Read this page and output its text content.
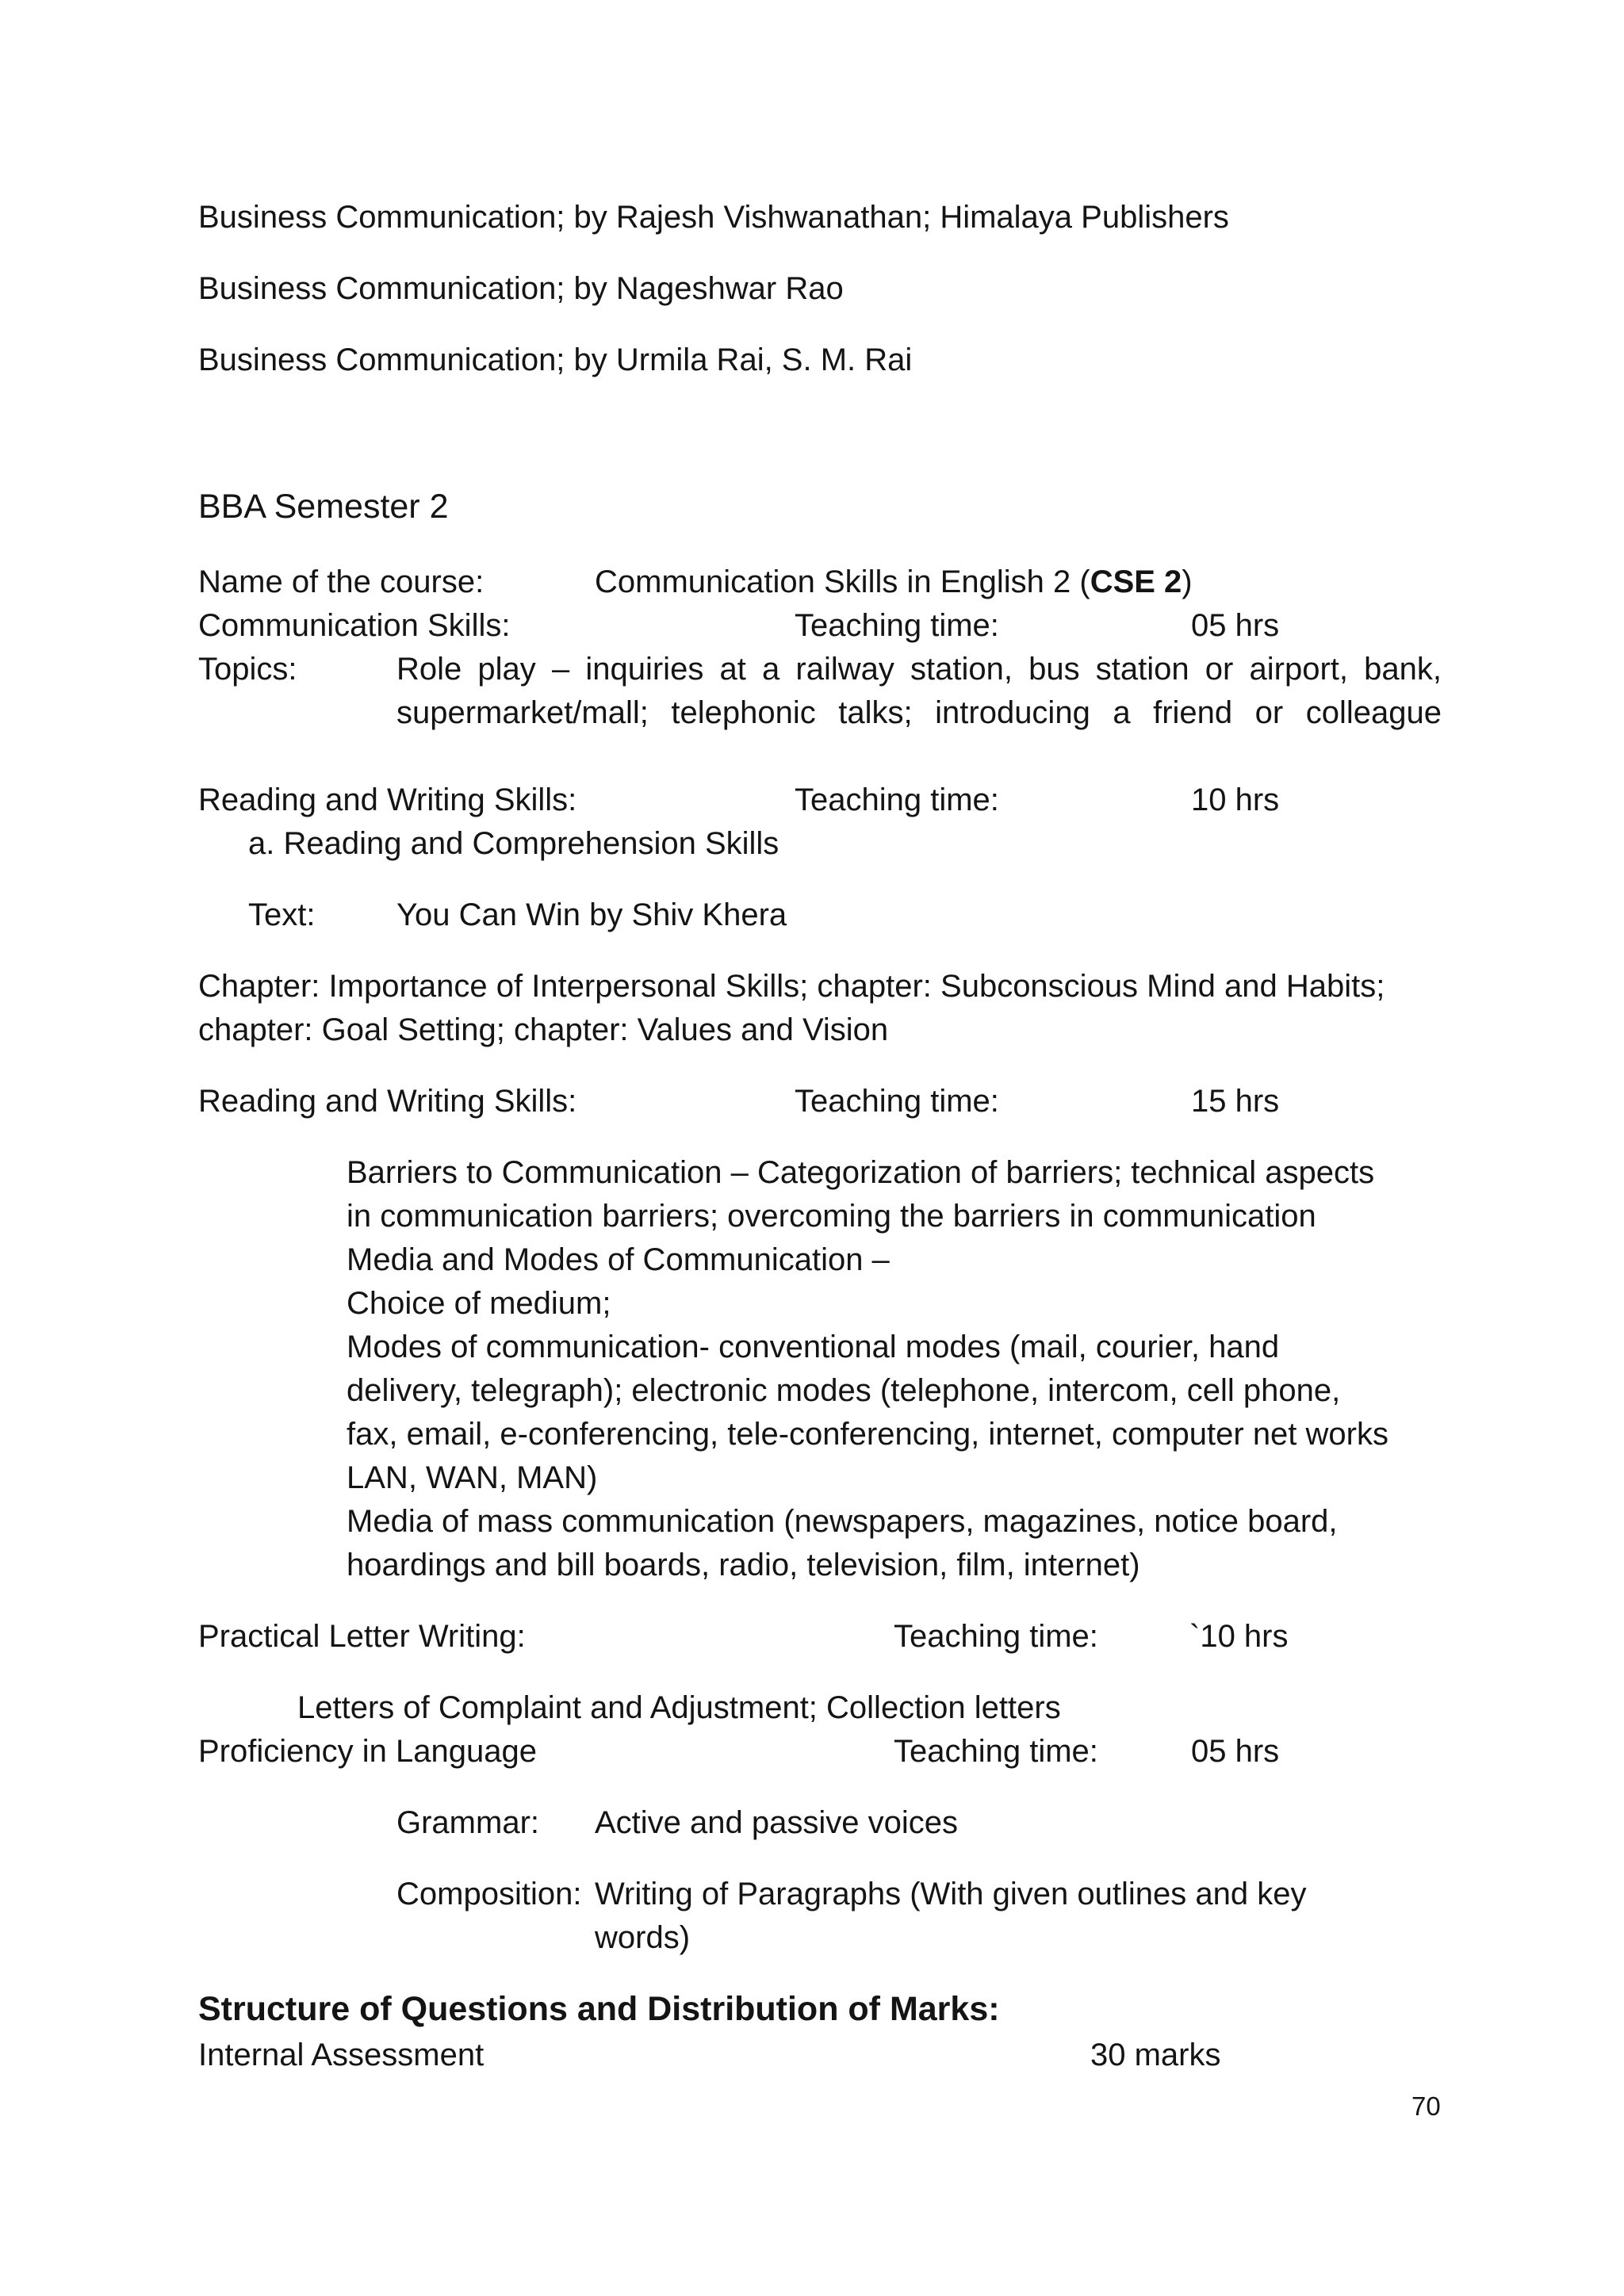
Business Communication; by Rajesh Vishwanathan; Himalaya Publishers
Business Communication; by Nageshwar Rao
Business Communication; by Urmila Rai, S. M. Rai
BBA Semester 2
Name of the course:	Communication Skills in English 2 (CSE 2)
Communication Skills:	Teaching time:	05 hrs
Topics:	Role play – inquiries at a railway station, bus station or airport, bank,
supermarket/mall; telephonic talks; introducing a friend or colleague
Reading and Writing Skills:	Teaching time:	10 hrs
a. Reading and Comprehension Skills
Text:	You Can Win by Shiv Khera
Chapter: Importance of Interpersonal Skills; chapter: Subconscious Mind and Habits;
chapter: Goal Setting; chapter: Values and Vision
Reading and Writing Skills:	Teaching time:	15 hrs
Barriers to Communication – Categorization of barriers; technical aspects
in communication barriers; overcoming the barriers in communication
Media and Modes of Communication –
Choice of medium;
Modes of communication- conventional modes (mail, courier, hand
delivery, telegraph); electronic modes (telephone, intercom, cell phone,
fax, email, e-conferencing, tele-conferencing, internet, computer net works
LAN, WAN, MAN)
Media of mass communication (newspapers, magazines, notice board,
hoardings and bill boards, radio, television, film, internet)
Practical Letter Writing:	Teaching time:	`10 hrs
Letters of Complaint and Adjustment; Collection letters
Proficiency in Language	Teaching time:	05 hrs
Grammar: Active and passive voices
Composition: Writing of Paragraphs (With given outlines and key
words)
Structure of Questions and Distribution of Marks:
Internal Assessment	30 marks
70
